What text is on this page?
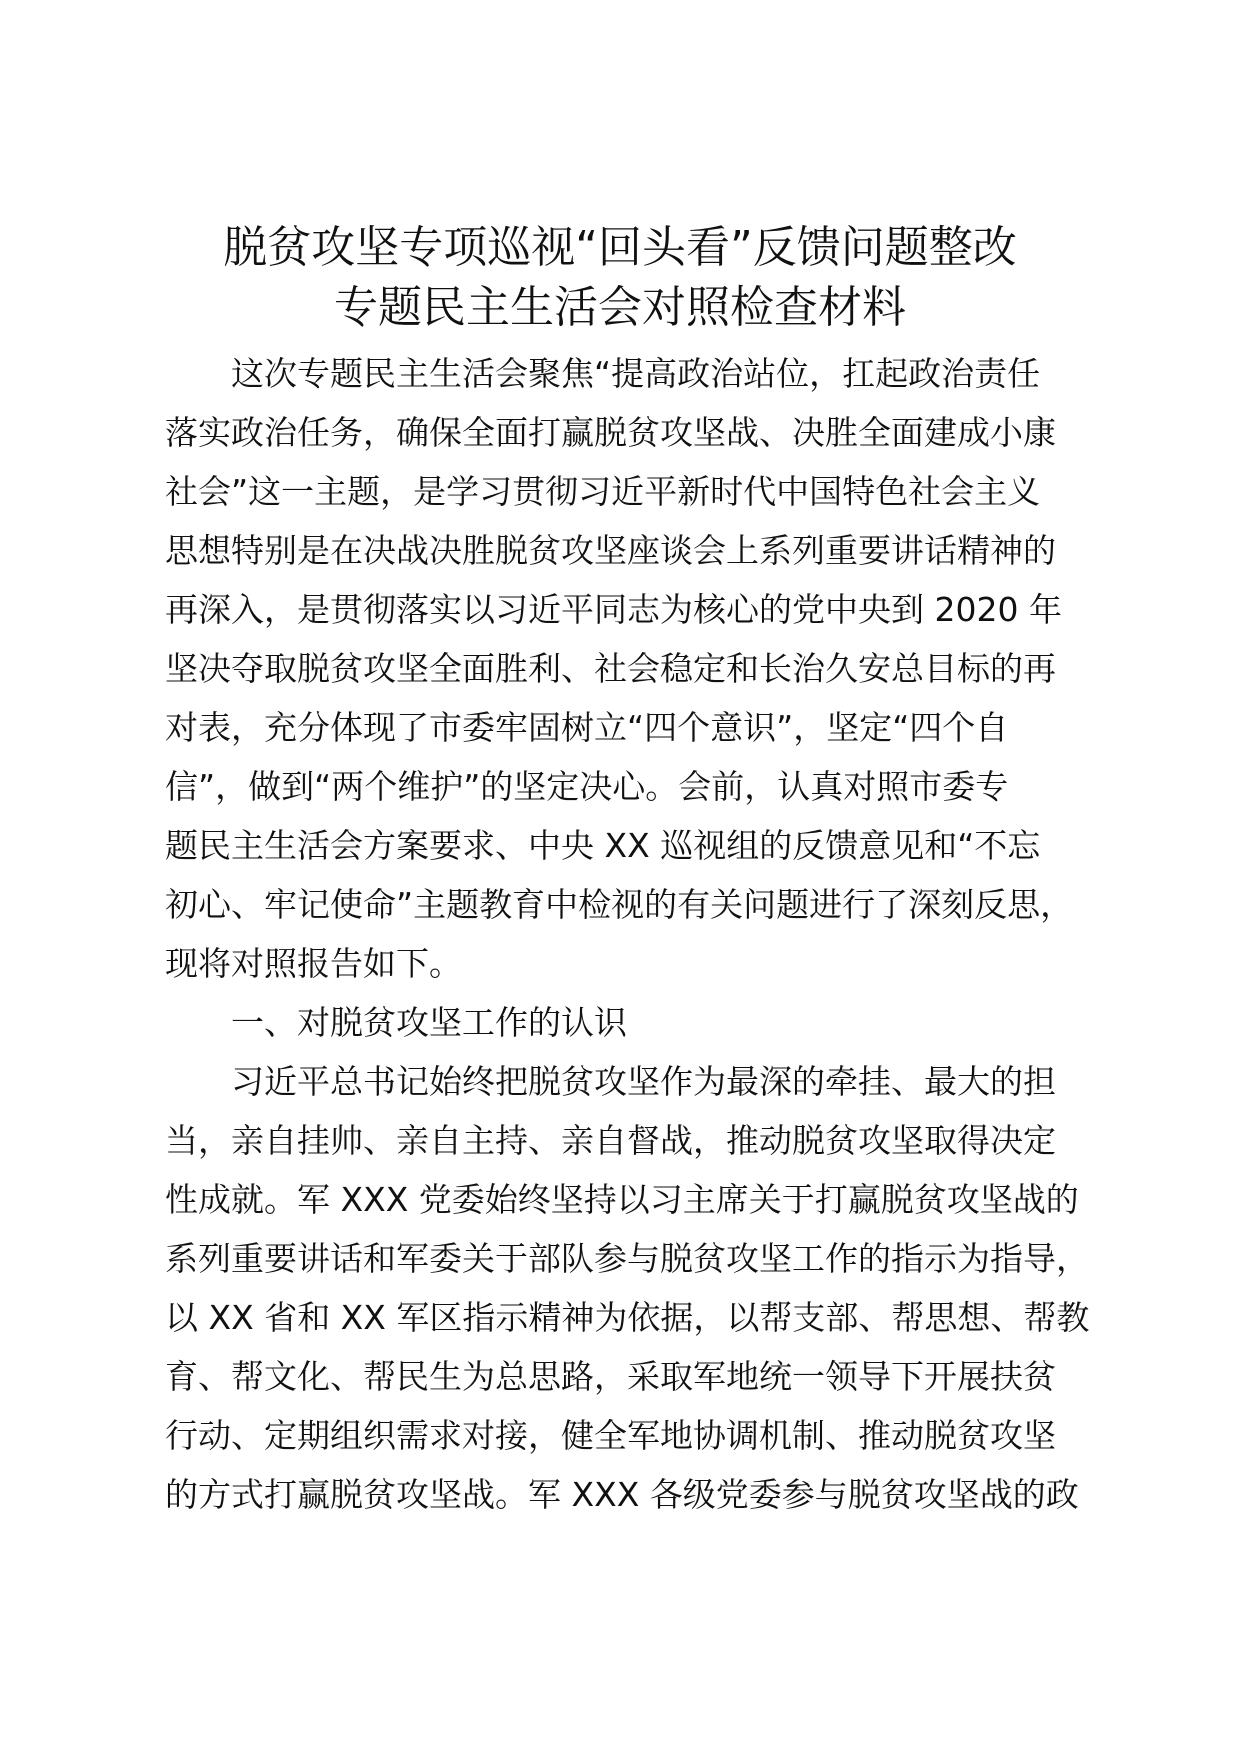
脱贫攻坚专项巡视“回头看”反馈问题整改
专题民主生活会对照检查材料
这次专题民主生活会聚焦“提高政治站位，扛起政治责任
落实政治任务，确保全面打赢脱贫攻坚战、决胜全面建成小康
社会”这一主题，是学习贯彻习近平新时代中国特色社会主义
思想特别是在决战决胜脱贫攻坚座谈会上系列重要讲话精神的
再深入，是贯彻落实以习近平同志为核心的党中央到 2020 年
坚决夺取脱贫攻坚全面胜利、社会稳定和长治久安总目标的再
对表，充分体现了市委牢固树立“四个意识”，坚定“四个自
信”，做到“两个维护”的坚定决心。会前，认真对照市委专
题民主生活会方案要求、中央 XX 巡视组的反馈意见和“不忘
初心、牢记使命”主题教育中检视的有关问题进行了深刻反思，
现将对照报告如下。
一、对脱贫攻坚工作的认识
习近平总书记始终把脱贫攻坚作为最深的牵挂、最大的担
当，亲自挂帅、亲自主持、亲自督战，推动脱贫攻坚取得决定
性成就。军 XXX 党委始终坚持以习主席关于打赢脱贫攻坚战的
系列重要讲话和军委关于部队参与脱贫攻坚工作的指示为指导，
以 XX 省和 XX 军区指示精神为依据，以帮支部、帮思想、帮教
育、帮文化、帮民生为总思路，采取军地统一领导下开展扶贫
行动、定期组织需求对接，健全军地协调机制、推动脱贫攻坚
的方式打赢脱贫攻坚战。军 XXX 各级党委参与脱贫攻坚战的政
